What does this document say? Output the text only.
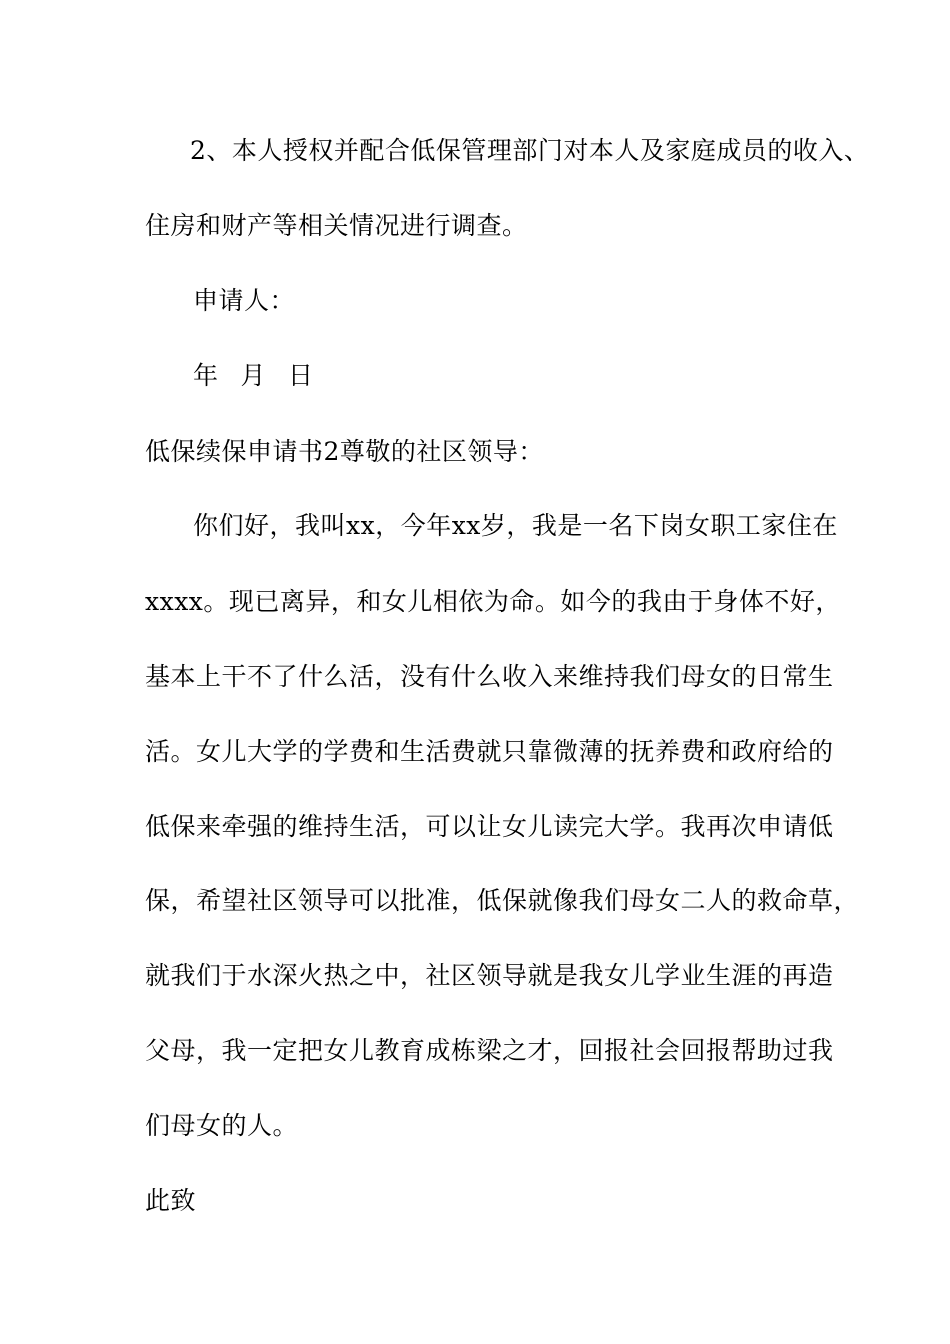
2、本人授权并配合低保管理部门对本人及家庭成员的收入、
住房和财产等相关情况进行调查。
申请人：
年 月 日
低保续保申请书2尊敬的社区领导：
你们好，我叫xx，今年xx岁，我是一名下岗女职工家住在
xxxx。现已离异，和女儿相依为命。如今的我由于身体不好，
基本上干不了什么活，没有什么收入来维持我们母女的日常生
活。女儿大学的学费和生活费就只靠微薄的抚养费和政府给的
低保来牵强的维持生活，可以让女儿读完大学。我再次申请低
保，希望社区领导可以批准，低保就像我们母女二人的救命草，
就我们于水深火热之中，社区领导就是我女儿学业生涯的再造
父母，我一定把女儿教育成栋梁之才，回报社会回报帮助过我
们母女的人。
此致
